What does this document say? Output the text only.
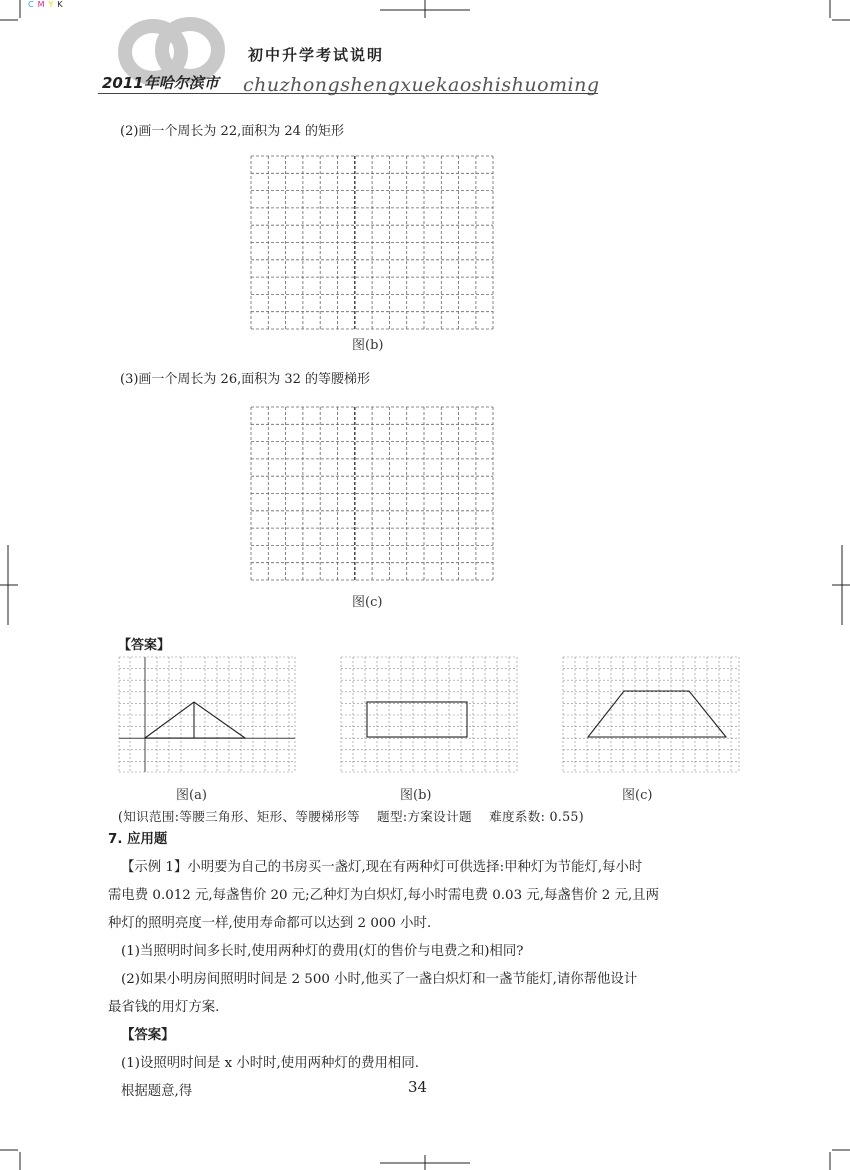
C M Y K
初中升学考试说明
2011年哈尔滨市 chuzhongshengxuekaoshishuoming
(2)画一个周长为 22,面积为 24 的矩形
图(b)
(3)画一个周长为 26,面积为 32 的等腰梯形
图(c)
【答案】
图(a)	图(b)	图(c)
(知识范围:等腰三角形、矩形、等腰梯形等    题型:方案设计题    难度系数: 0.55)

7. 应用题

【示例 1】小明要为自己的书房买一盏灯,现在有两种灯可供选择:甲种灯为节能灯,每小时

需电费 0.012 元,每盏售价 20 元;乙种灯为白炽灯,每小时需电费 0.03 元,每盏售价 2 元,且两

种灯的照明亮度一样,使用寿命都可以达到 2 000 小时.

(1)当照明时间多长时,使用两种灯的费用(灯的售价与电费之和)相同?

(2)如果小明房间照明时间是 2 500 小时,他买了一盏白炽灯和一盏节能灯,请你帮他设计

最省钱的用灯方案.

【答案】

(1)设照明时间是 x 小时时,使用两种灯的费用相同.

根据题意,得	34
